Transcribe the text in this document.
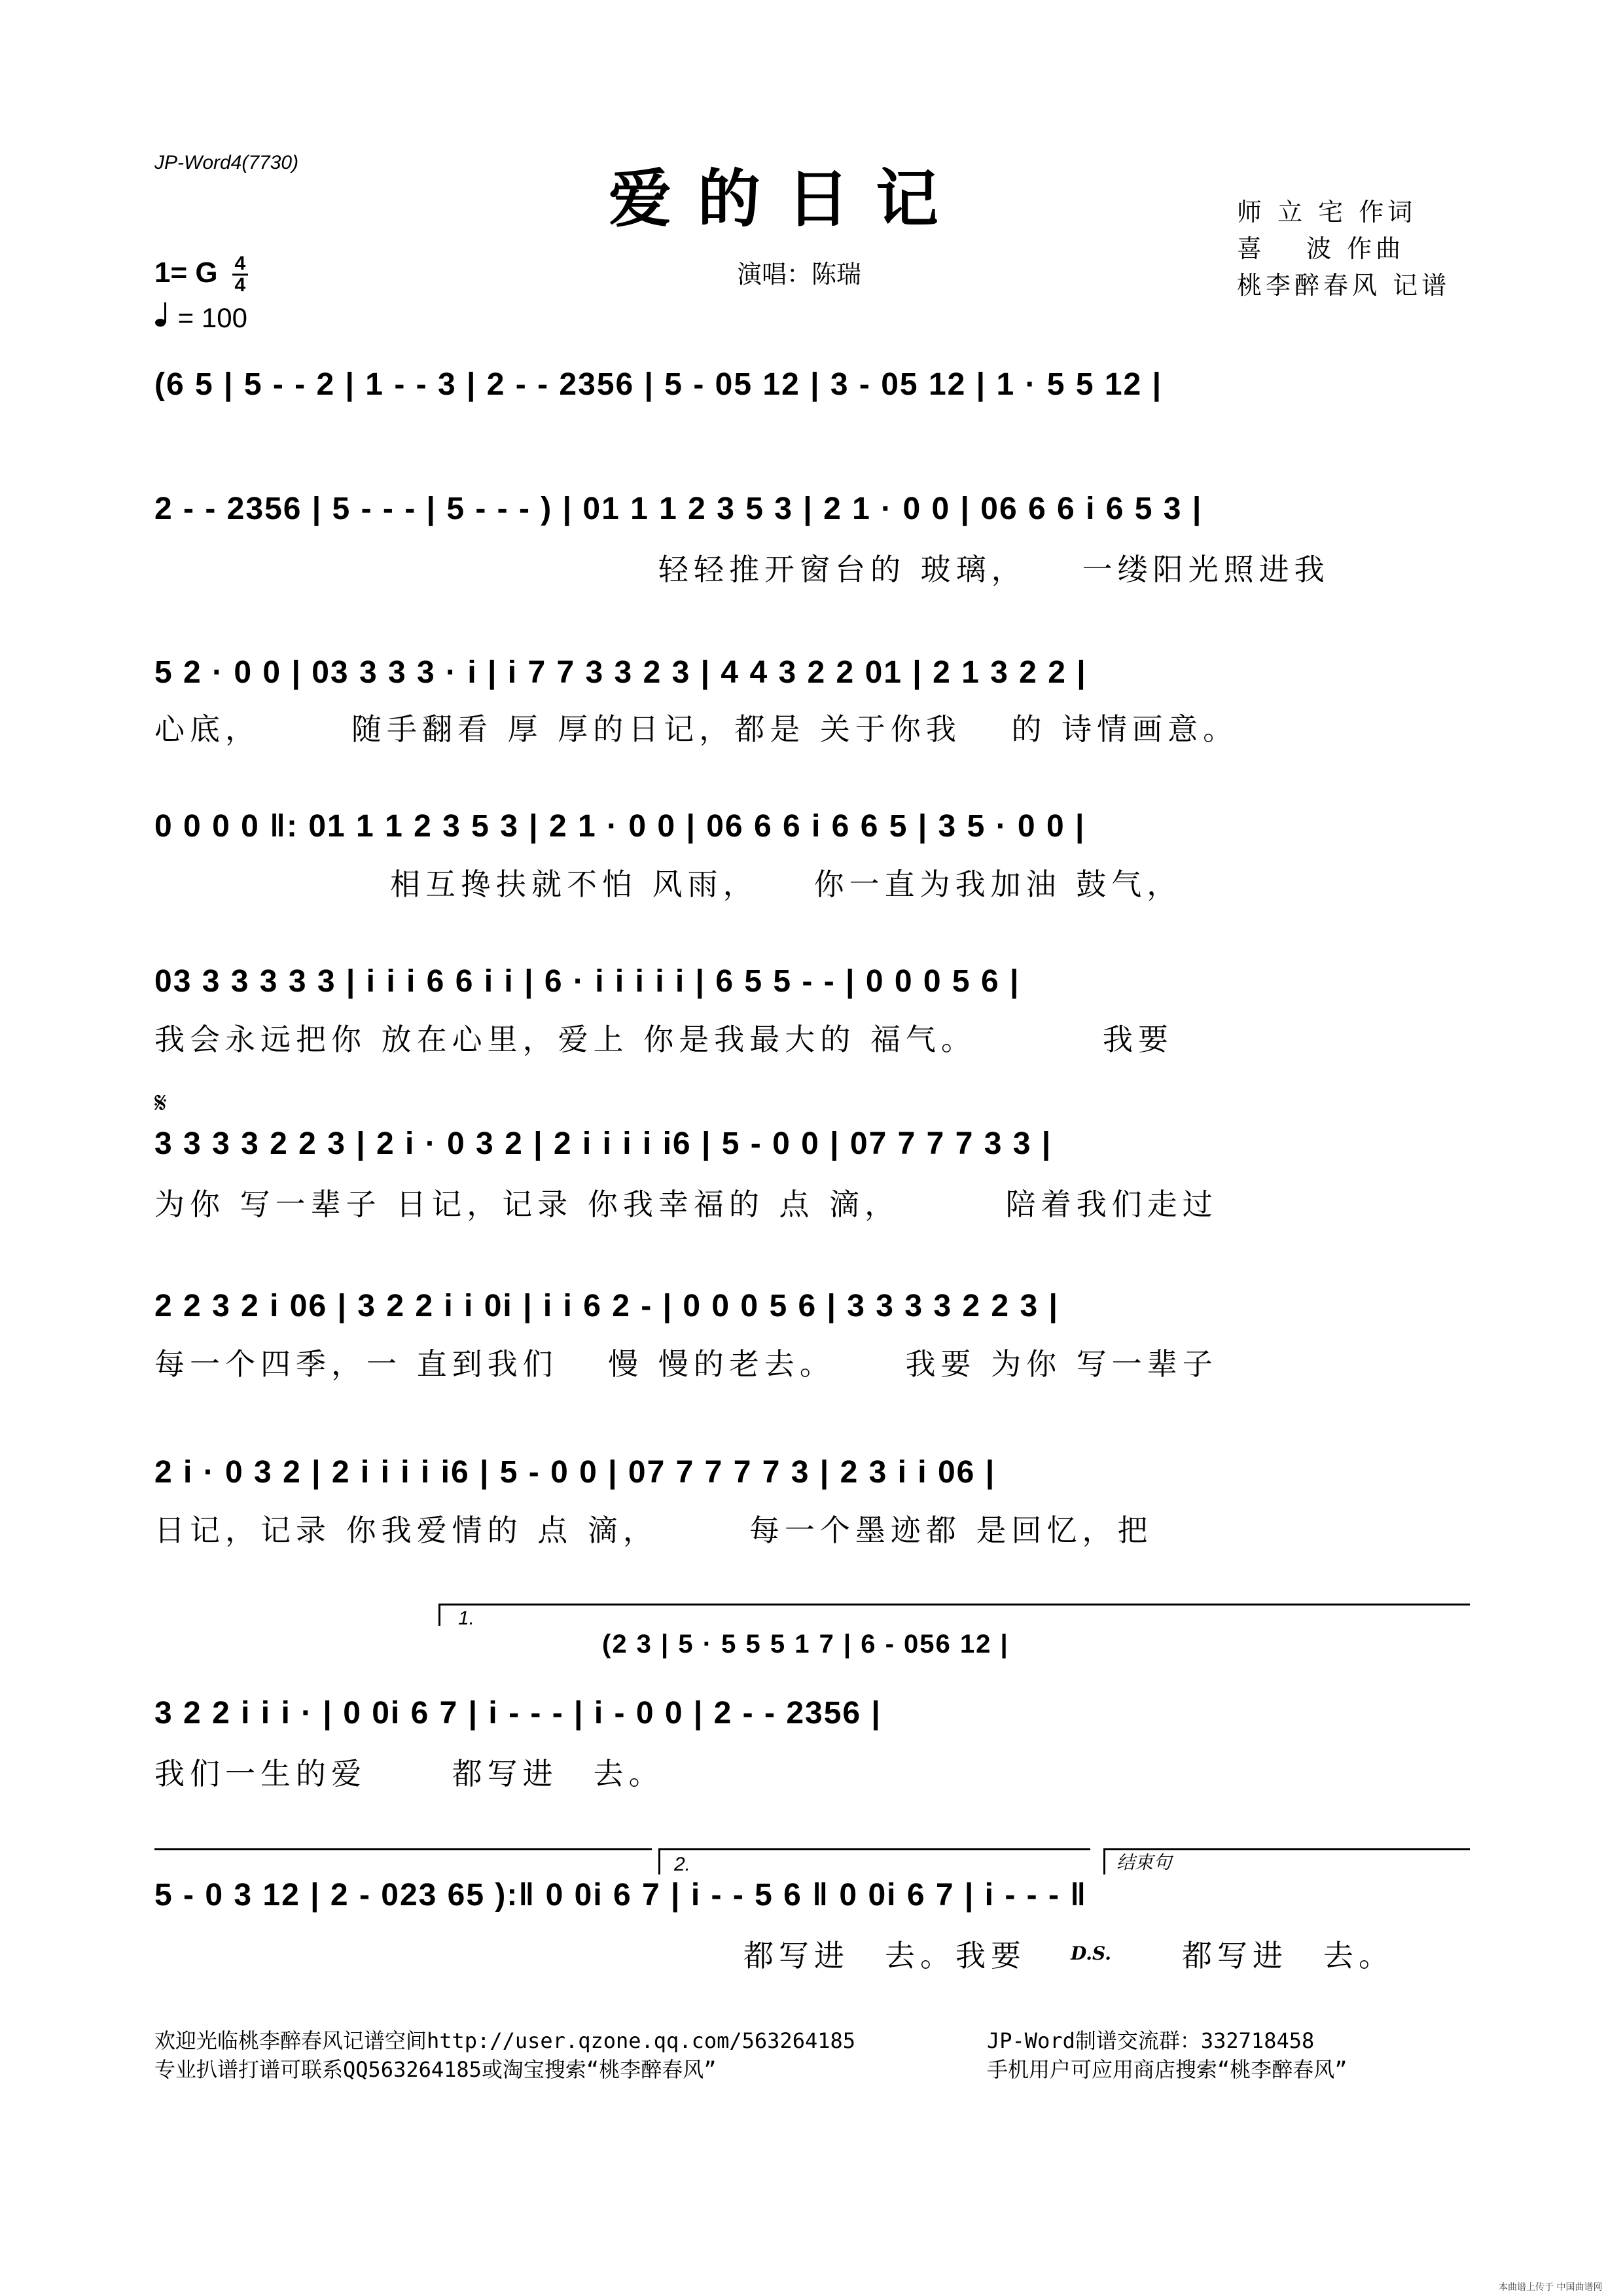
JP-Word4(7730)	爱的日记
演唱：陈瑞
师 立 宅 作词
喜　 波 作曲
桃李醉春风 记谱
1= G $\frac{4}{4}$
= 100
(6 5 | 5 - - 2 | 1 - - 3 | 2 - - 2356 | 5 - 05 12 | 3 - 05 12 | 1 · 5 5 12 |
2 - - 2356 | 5 - - - | 5 - - - ) | 01 1 1 2 3 5 3 | 2 1 · 0 0 | 06 6 6 i 6 5 3 |
轻轻推开窗台的 玻璃，　　一缕阳光照进我
5 2 · 0 0 | 03 3 3 3 · i | i 7 7 3 3 2 3 | 4 4 3 2 2 01 | 2 1 3 2 2 |
心底，　　　随手翻看 厚 厚的日记，都是 关于你我　 的 诗情画意。
0 0 0 0 ‖: 01 1 1 2 3 5 3 | 2 1 · 0 0 | 06 6 6 i 6 6 5 | 3 5 · 0 0 |
相互搀扶就不怕 风雨，　　你一直为我加油 鼓气，
03 3 3 3 3 3 | i i i 6 6 i i | 6 · i i i i i | 6 5 5 - - | 0 0 0 5 6 |
我会永远把你 放在心里，爱上 你是我最大的 福气。　　　　我要
𝄋
3 3 3 3 2 2 3 | 2 i · 0 3 2 | 2 i i i i i6 | 5 - 0 0 | 07 7 7 7 3 3 |
为你 写一辈子 日记，记录 你我幸福的 点 滴，　　　 陪着我们走过
2 2 3 2 i 06 | 3 2 2 i i 0i | i i 6 2 - | 0 0 0 5 6 | 3 3 3 3 2 2 3 |
每一个四季，一 直到我们　 慢 慢的老去。　　 我要 为你 写一辈子
2 i · 0 3 2 | 2 i i i i i6 | 5 - 0 0 | 07 7 7 7 7 3 | 2 3 i i 06 |
日记，记录 你我爱情的 点 滴，　　　每一个墨迹都 是回忆，把
1.
(2 3 | 5 · 5 5 5 1 7 | 6 - 056 12 |
3 2 2 i i i · | 0 0i 6 7 | i - - - | i - 0 0 | 2 - - 2356 |
我们一生的爱　　 都写进　去。
2.	结束句
5 - 0 3 12 | 2 - 023 65 ):‖ 0 0i 6 7 | i - - 5 6 ‖ 0 0i 6 7 | i - - - ‖
都写进　去。我要	D.S. 都写进　去。
欢迎光临桃李醉春风记谱空间http://user.qzone.qq.com/563264185
专业扒谱打谱可联系QQ563264185或淘宝搜索“桃李醉春风”
JP-Word制谱交流群：332718458
手机用户可应用商店搜索“桃李醉春风”
本曲谱上传于 中国曲谱网
